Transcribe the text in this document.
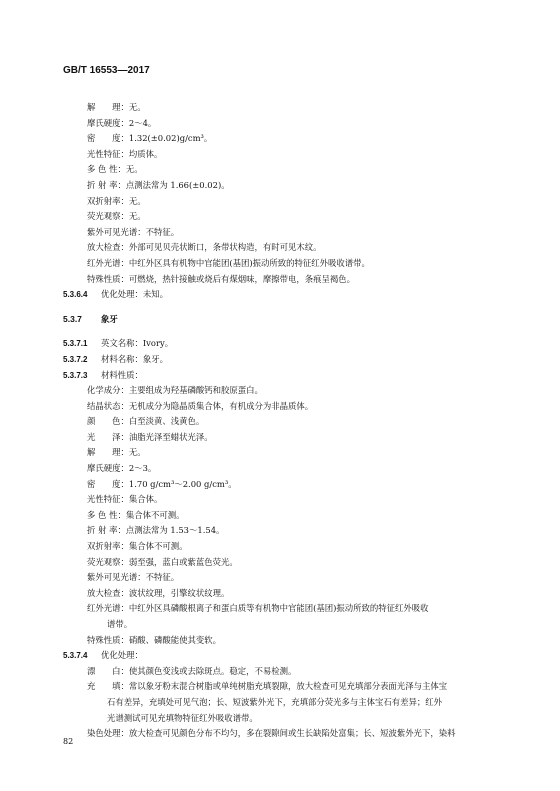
GB/T 16553—2017
解　　理：无。
摩氏硬度：2～4。
密　　度：1.32(±0.02)g/cm³。
光性特征：均质体。
多 色 性：无。
折 射 率：点测法常为 1.66(±0.02)。
双折射率：无。
荧光观察：无。
紫外可见光谱：不特征。
放大检查：外部可见贝壳状断口，条带状构造，有时可见木纹。
红外光谱：中红外区具有机物中官能团(基团)振动所致的特征红外吸收谱带。
特殊性质：可燃烧，热针接触或烧后有煤烟味，摩擦带电，条痕呈褐色。
5.3.6.4 优化处理：未知。
5.3.7 象牙
5.3.7.1 英文名称：Ivory。
5.3.7.2 材料名称：象牙。
5.3.7.3 材料性质：
化学成分：主要组成为羟基磷酸钙和胶原蛋白。
结晶状态：无机成分为隐晶质集合体，有机成分为非晶质体。
颜　　色：白至淡黄、浅黄色。
光　　泽：油脂光泽至蜡状光泽。
解　　理：无。
摩氏硬度：2～3。
密　　度：1.70 g/cm³～2.00 g/cm³。
光性特征：集合体。
多 色 性：集合体不可测。
折 射 率：点测法常为 1.53～1.54。
双折射率：集合体不可测。
荧光观察：弱至强，蓝白或紫蓝色荧光。
紫外可见光谱：不特征。
放大检查：波状纹理，引擎纹状纹理。
红外光谱：中红外区具磷酸根离子和蛋白质等有机物中官能团(基团)振动所致的特征红外吸收
谱带。
特殊性质：硝酸、磷酸能使其变软。
5.3.7.4 优化处理：
漂　　白：使其颜色变浅或去除斑点。稳定，不易检测。
充　　填：常以象牙粉末混合树脂或单纯树脂充填裂隙，放大检查可见充填部分表面光泽与主体宝
石有差异，充填处可见气泡；长、短波紫外光下，充填部分荧光多与主体宝石有差异；红外
光谱测试可见充填物特征红外吸收谱带。
染色处理：放大检查可见颜色分布不均匀，多在裂隙间或生长缺陷处富集；长、短波紫外光下，染料
82
